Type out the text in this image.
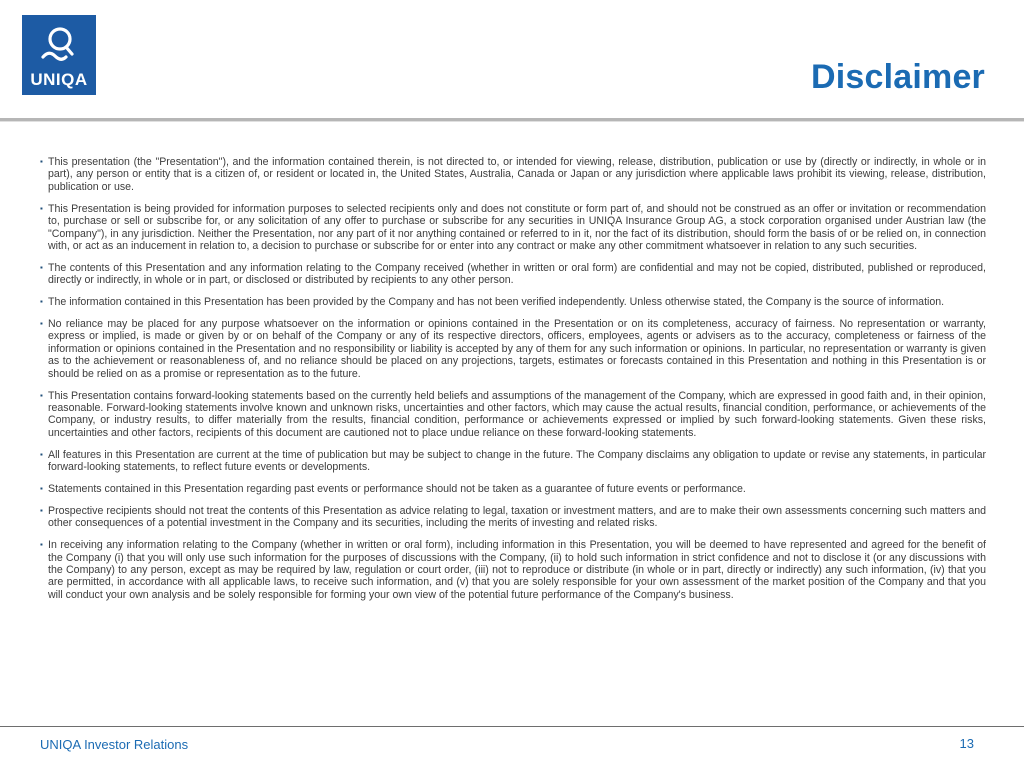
UNIQA	Disclaimer

▪ This presentation (the "Presentation"), and the information contained therein, is not directed to, or intended for viewing, release, distribution, publication or use by (directly or indirectly, in whole or in part), any person or entity that is a citizen of, or resident or located in, the United States, Australia, Canada or Japan or any jurisdiction where applicable laws prohibit its viewing, release, distribution, publication or use.

▪ This Presentation is being provided for information purposes to selected recipients only and does not constitute or form part of, and should not be construed as an offer or invitation or recommendation to, purchase or sell or subscribe for, or any solicitation of any offer to purchase or subscribe for any securities in UNIQA Insurance Group AG, a stock corporation organised under Austrian law (the "Company"), in any jurisdiction. Neither the Presentation, nor any part of it nor anything contained or referred to in it, nor the fact of its distribution, should form the basis of or be relied on, in connection with, or act as an inducement in relation to, a decision to purchase or subscribe for or enter into any contract or make any other commitment whatsoever in relation to any such securities.

▪ The contents of this Presentation and any information relating to the Company received (whether in written or oral form) are confidential and may not be copied, distributed, published or reproduced, directly or indirectly, in whole or in part, or disclosed or distributed by recipients to any other person.

▪ The information contained in this Presentation has been provided by the Company and has not been verified independently. Unless otherwise stated, the Company is the source of information.

▪ No reliance may be placed for any purpose whatsoever on the information or opinions contained in the Presentation or on its completeness, accuracy of fairness. No representation or warranty, express or implied, is made or given by or on behalf of the Company or any of its respective directors, officers, employees, agents or advisers as to the accuracy, completeness or fairness of the information or opinions contained in the Presentation and no responsibility or liability is accepted by any of them for any such information or opinions. In particular, no representation or warranty is given as to the achievement or reasonableness of, and no reliance should be placed on any projections, targets, estimates or forecasts contained in this Presentation and nothing in this Presentation is or should be relied on as a promise or representation as to the future.

▪ This Presentation contains forward-looking statements based on the currently held beliefs and assumptions of the management of the Company, which are expressed in good faith and, in their opinion, reasonable. Forward-looking statements involve known and unknown risks, uncertainties and other factors, which may cause the actual results, financial condition, performance, or achievements of the Company, or industry results, to differ materially from the results, financial condition, performance or achievements expressed or implied by such forward-looking statements. Given these risks, uncertainties and other factors, recipients of this document are cautioned not to place undue reliance on these forward-looking statements.

▪ All features in this Presentation are current at the time of publication but may be subject to change in the future. The Company disclaims any obligation to update or revise any statements, in particular forward-looking statements, to reflect future events or developments.

▪ Statements contained in this Presentation regarding past events or performance should not be taken as a guarantee of future events or performance.

▪ Prospective recipients should not treat the contents of this Presentation as advice relating to legal, taxation or investment matters, and are to make their own assessments concerning such matters and other consequences of a potential investment in the Company and its securities, including the merits of investing and related risks.

▪ In receiving any information relating to the Company (whether in written or oral form), including information in this Presentation, you will be deemed to have represented and agreed for the benefit of the Company (i) that you will only use such information for the purposes of discussions with the Company, (ii) to hold such information in strict confidence and not to disclose it (or any discussions with the Company) to any person, except as may be required by law, regulation or court order, (iii) not to reproduce or distribute (in whole or in part, directly or indirectly) any such information, (iv) that you are permitted, in accordance with all applicable laws, to receive such information, and (v) that you are solely responsible for your own assessment of the market position of the Company and that you will conduct your own analysis and be solely responsible for forming your own view of the potential future performance of the Company's business.

UNIQA Investor Relations	13
